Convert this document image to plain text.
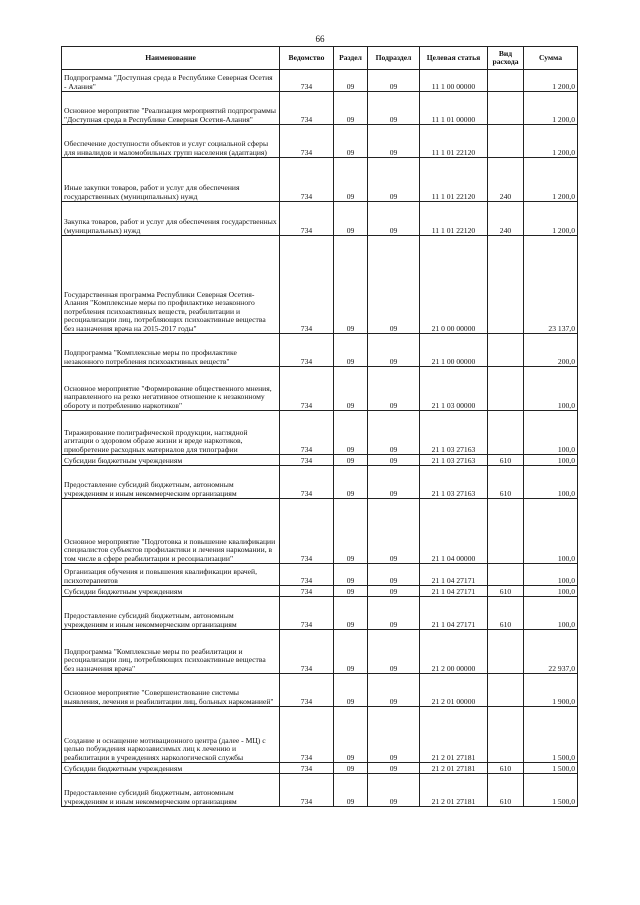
66
Наименование	Ведомство	Раздел	Подраздел	Целевая статья	Вид расхода	Сумма
Подпрограмма "Доступная среда в Республике Северная Осетия - Алания"	734	09	09	11 1 00 00000		1 200,0
Основное мероприятие "Реализация мероприятий подпрограммы "Доступная среда в Республике Северная Осетия-Алания"	734	09	09	11 1 01 00000		1 200,0
Обеспечение доступности объектов и услуг социальной сферы для инвалидов и маломобильных групп населения (адаптация)	734	09	09	11 1 01 22120		1 200,0
Иные закупки товаров, работ и услуг для обеспечения государственных (муниципальных) нужд	734	09	09	11 1 01 22120	240	1 200,0
Закупка товаров, работ и услуг для обеспечения государственных (муниципальных) нужд	734	09	09	11 1 01 22120	240	1 200,0
Государственная программа Республики Северная Осетия-Алания "Комплексные меры по профилактике незаконного потребления психоактивных веществ, реабилитации и ресоциализации лиц, потребляющих психоактивные вещества без назначения врача на 2015-2017 годы"	734	09	09	21 0 00 00000		23 137,0
Подпрограмма "Комплексные меры по профилактике незаконного потребления психоактивных веществ"	734	09	09	21 1 00 00000		200,0
Основное мероприятие "Формирование общественного мнения, направленного на резко негативное отношение к незаконному обороту и потреблению наркотиков"	734	09	09	21 1 03 00000		100,0
Тиражирование полиграфической продукции, наглядной агитации о здоровом образе жизни и вреде наркотиков, приобретение расходных материалов для типографии	734	09	09	21 1 03 27163		100,0
Субсидии бюджетным учреждениям	734	09	09	21 1 03 27163	610	100,0
Предоставление субсидий бюджетным, автономным учреждениям и иным некоммерческим организациям	734	09	09	21 1 03 27163	610	100,0
Основное мероприятие "Подготовка и повышение квалификации специалистов субъектов профилактики и лечения наркомании, в том числе в сфере реабилитации и ресоциализации"	734	09	09	21 1 04 00000		100,0
Организация обучения и повышения квалификации врачей, психотерапевтов	734	09	09	21 1 04 27171		100,0
Субсидии бюджетным учреждениям	734	09	09	21 1 04 27171	610	100,0
Предоставление субсидий бюджетным, автономным учреждениям и иным некоммерческим организациям	734	09	09	21 1 04 27171	610	100,0
Подпрограмма "Комплексные меры по реабилитации и ресоциализации лиц, потребляющих психоактивные вещества без назначения врача"	734	09	09	21 2 00 00000		22 937,0
Основное мероприятие "Совершенствование системы выявления, лечения и реабилитации лиц, больных наркоманией"	734	09	09	21 2 01 00000		1 900,0
Создание и оснащение мотивационного центра (далее - МЦ) с целью побуждения наркозависимых лиц к лечению и реабилитации в учреждениях наркологической службы	734	09	09	21 2 01 27181		1 500,0
Субсидии бюджетным учреждениям	734	09	09	21 2 01 27181	610	1 500,0
Предоставление субсидий бюджетным, автономным учреждениям и иным некоммерческим организациям	734	09	09	21 2 01 27181	610	1 500,0
